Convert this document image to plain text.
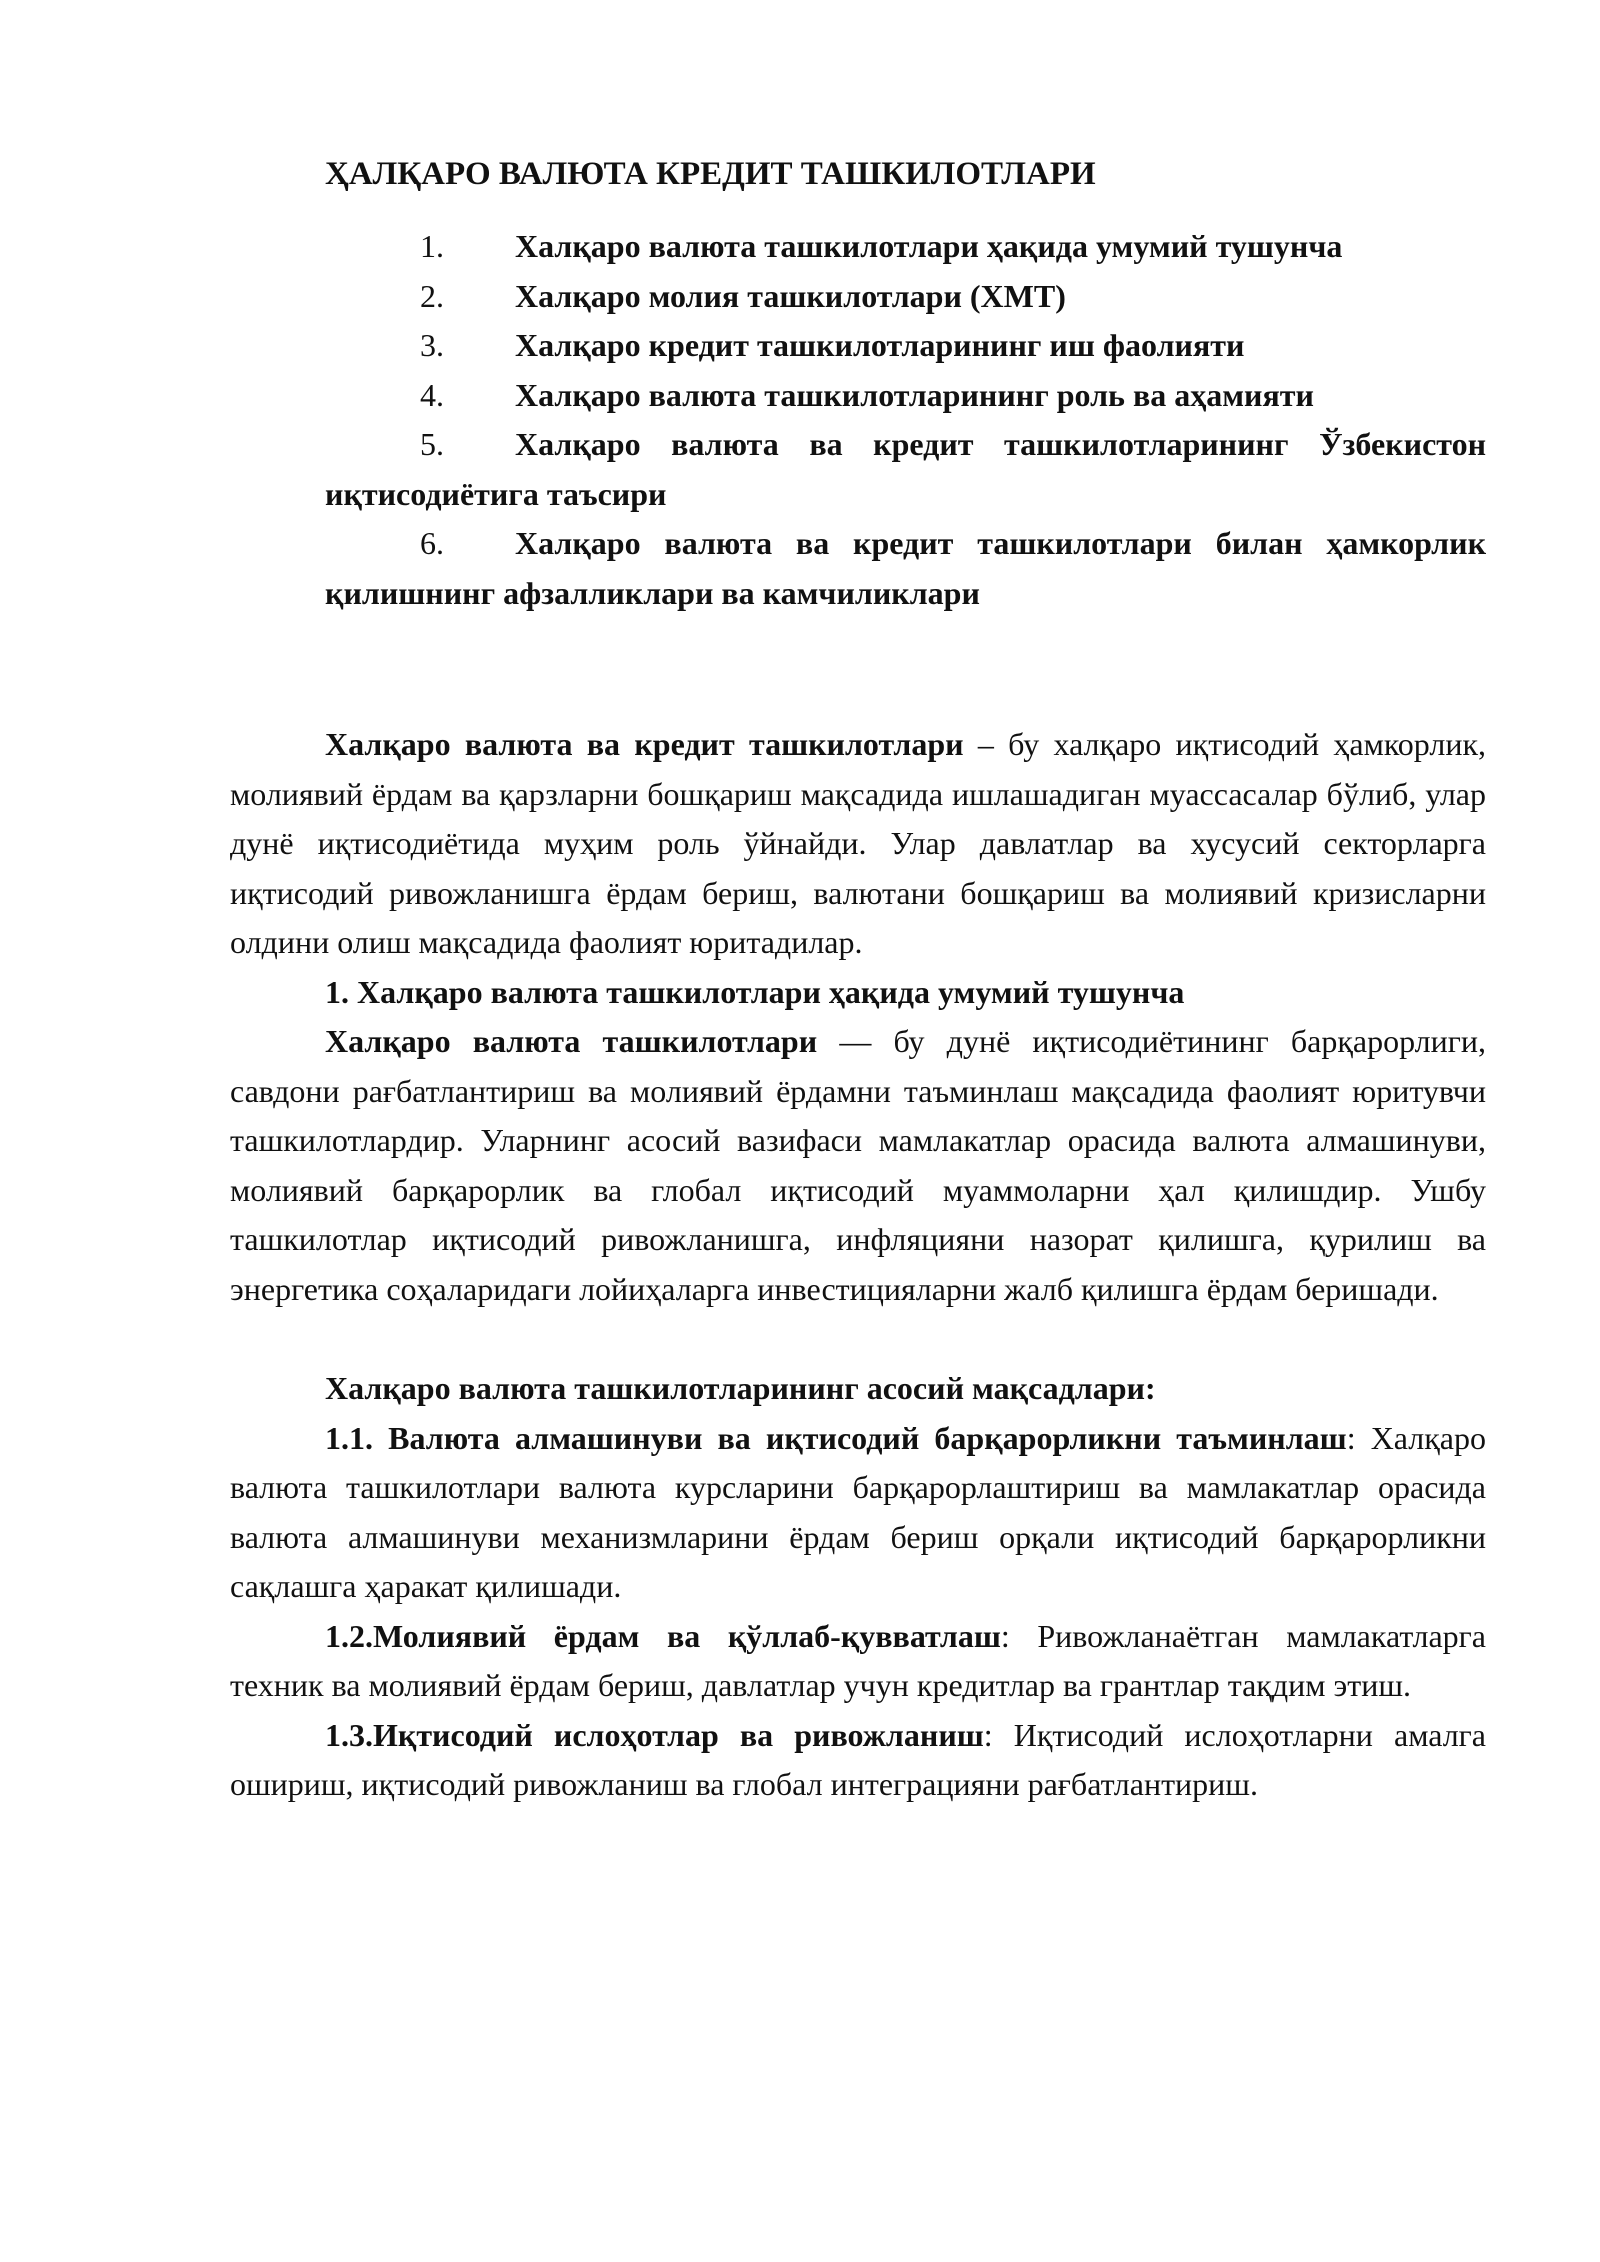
ҲАЛҚАРО ВАЛЮТА КРЕДИТ ТАШКИЛОТЛАРИ

1. Халқаро валюта ташкилотлари ҳақида умумий тушунча

2. Халқаро молия ташкилотлари (ХМТ)

3. Халқаро кредит ташкилотларининг иш фаолияти

4. Халқаро валюта ташкилотларининг роль ва аҳамияти

5. Халқаро валюта ва кредит ташкилотларининг Ўзбекистон иқтисодиётига таъсири

6. Халқаро валюта ва кредит ташкилотлари билан ҳамкорлик қилишнинг афзалликлари ва камчиликлари

Халқаро валюта ва кредит ташкилотлари – бу халқаро иқтисодий ҳамкорлик, молиявий ёрдам ва қарзларни бошқариш мақсадида ишлашадиган муассасалар бўлиб, улар дунё иқтисодиётида муҳим роль ўйнайди. Улар давлатлар ва хусусий секторларга иқтисодий ривожланишга ёрдам бериш, валютани бошқариш ва молиявий кризисларни олдини олиш мақсадида фаолият юритадилар.

1. Халқаро валюта ташкилотлари ҳақида умумий тушунча

Халқаро валюта ташкилотлари — бу дунё иқтисодиётининг барқарорлиги, савдони рағбатлантириш ва молиявий ёрдамни таъминлаш мақсадида фаолият юритувчи ташкилотлардир. Уларнинг асосий вазифаси мамлакатлар орасида валюта алмашинуви, молиявий барқарорлик ва глобал иқтисодий муаммоларни ҳал қилишдир. Ушбу ташкилотлар иқтисодий ривожланишга, инфляцияни назорат қилишга, қурилиш ва энергетика соҳаларидаги лойиҳаларга инвестицияларни жалб қилишга ёрдам беришади.

Халқаро валюта ташкилотларининг асосий мақсадлари:

1.1. Валюта алмашинуви ва иқтисодий барқарорликни таъминлаш: Халқаро валюта ташкилотлари валюта курсларини барқарорлаштириш ва мамлакатлар орасида валюта алмашинуви механизмларини ёрдам бериш орқали иқтисодий барқарорликни сақлашга ҳаракат қилишади.

1.2.Молиявий ёрдам ва қўллаб-қувватлаш: Ривожланаётган мамлакатларга техник ва молиявий ёрдам бериш, давлатлар учун кредитлар ва грантлар тақдим этиш.

1.3.Иқтисодий ислоҳотлар ва ривожланиш: Иқтисодий ислоҳотларни амалга ошириш, иқтисодий ривожланиш ва глобал интеграцияни рағбатлантириш.
